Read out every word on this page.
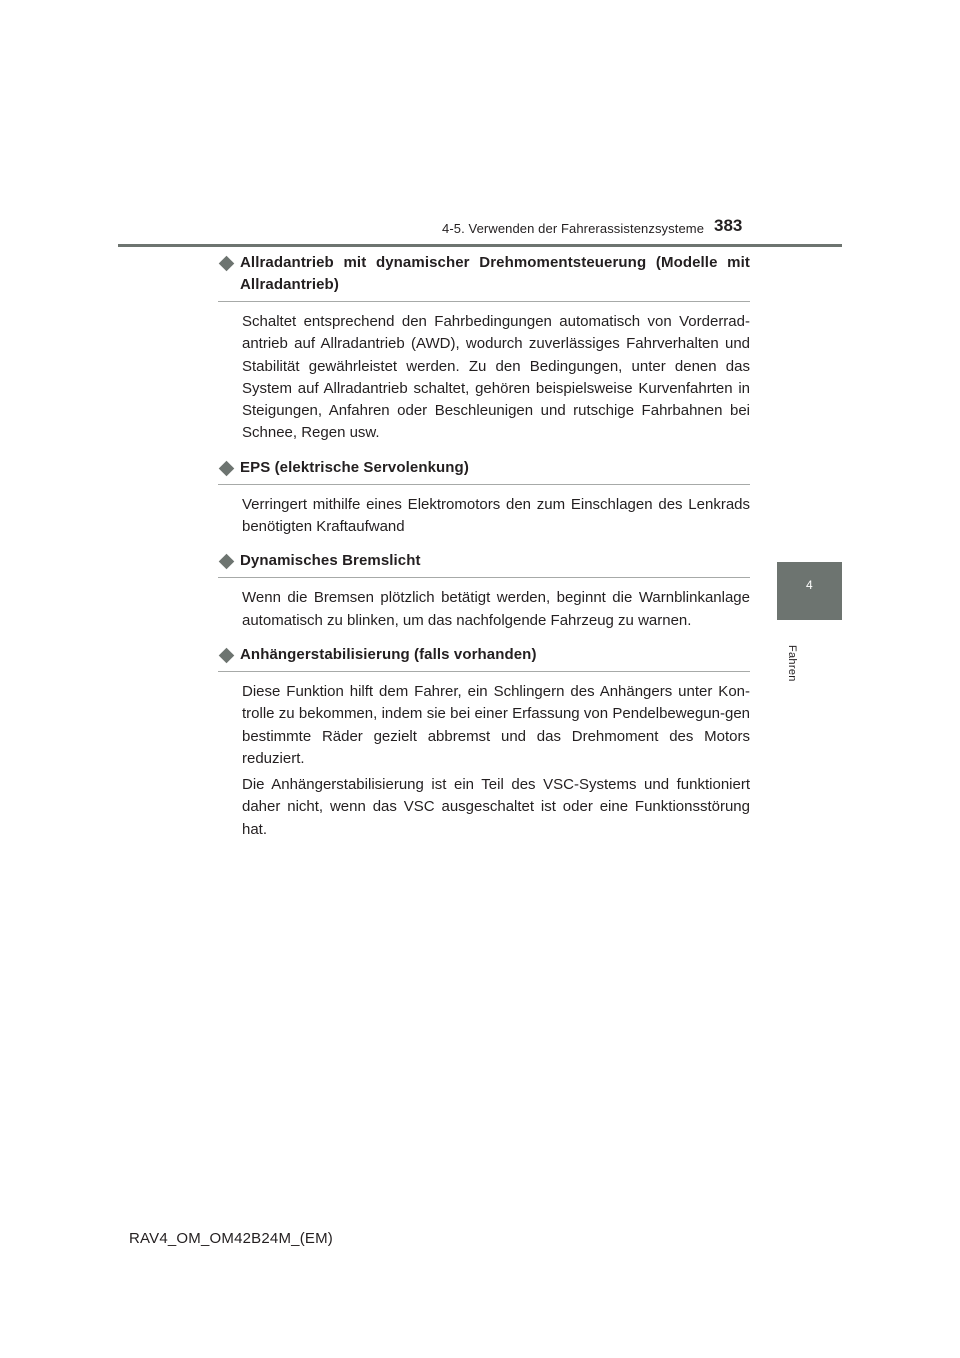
4-5. Verwenden der Fahrerassistenzsysteme 383
4
Fahren
Allradantrieb mit dynamischer Drehmomentsteuerung (Modelle mit Allradantrieb)

Schaltet entsprechend den Fahrbedingungen automatisch von Vorderrad-antrieb auf Allradantrieb (AWD), wodurch zuverlässiges Fahrverhalten und Stabilität gewährleistet werden. Zu den Bedingungen, unter denen das System auf Allradantrieb schaltet, gehören beispielsweise Kurvenfahrten in Steigungen, Anfahren oder Beschleunigen und rutschige Fahrbahnen bei Schnee, Regen usw.

EPS (elektrische Servolenkung)

Verringert mithilfe eines Elektromotors den zum Einschlagen des Lenkrads benötigten Kraftaufwand

Dynamisches Bremslicht

Wenn die Bremsen plötzlich betätigt werden, beginnt die Warnblinkanlage automatisch zu blinken, um das nachfolgende Fahrzeug zu warnen.

Anhängerstabilisierung (falls vorhanden)

Diese Funktion hilft dem Fahrer, ein Schlingern des Anhängers unter Kon-trolle zu bekommen, indem sie bei einer Erfassung von Pendelbewegun-gen bestimmte Räder gezielt abbremst und das Drehmoment des Motors reduziert.

Die Anhängerstabilisierung ist ein Teil des VSC-Systems und funktioniert daher nicht, wenn das VSC ausgeschaltet ist oder eine Funktionsstörung hat.

RAV4_OM_OM42B24M_(EM)
